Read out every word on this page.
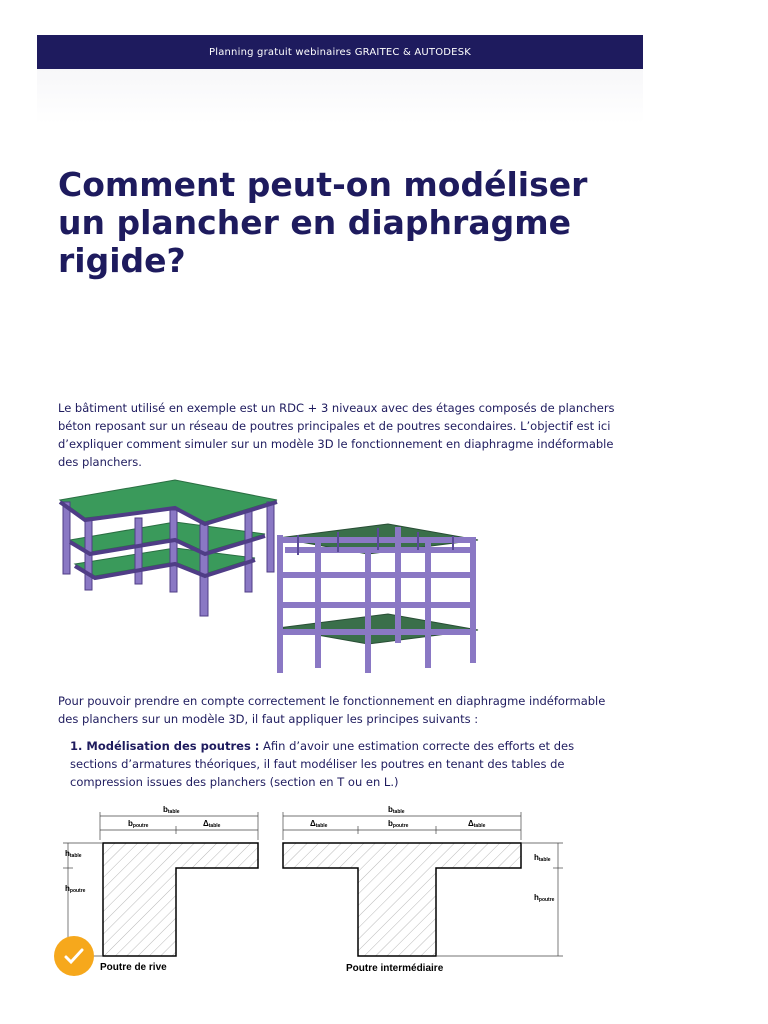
Planning gratuit webinaires GRAITEC & AUTODESK
Comment peut-on modéliser un plancher en diaphragme rigide?

Le bâtiment utilisé en exemple est un RDC + 3 niveaux avec des étages composés de planchers béton reposant sur un réseau de poutres principales et de poutres secondaires. L’objectif est ici d’expliquer comment simuler sur un modèle 3D le fonctionnement en diaphragme indéformable des planchers.

Pour pouvoir prendre en compte correctement le fonctionnement en diaphragme indéformable des planchers sur un modèle 3D, il faut appliquer les principes suivants :

1. Modélisation des poutres : Afin d’avoir une estimation correcte des efforts et des sections d’armatures théoriques, il faut modéliser les poutres en tenant des tables de compression issues des planchers (section en T ou en L.)

btable
bpoutre	Δtable
htable
hpoutre
Poutre de rive
btable
Δtable	bpoutre	Δtable
htable
hpoutre
Poutre intermédiaire
